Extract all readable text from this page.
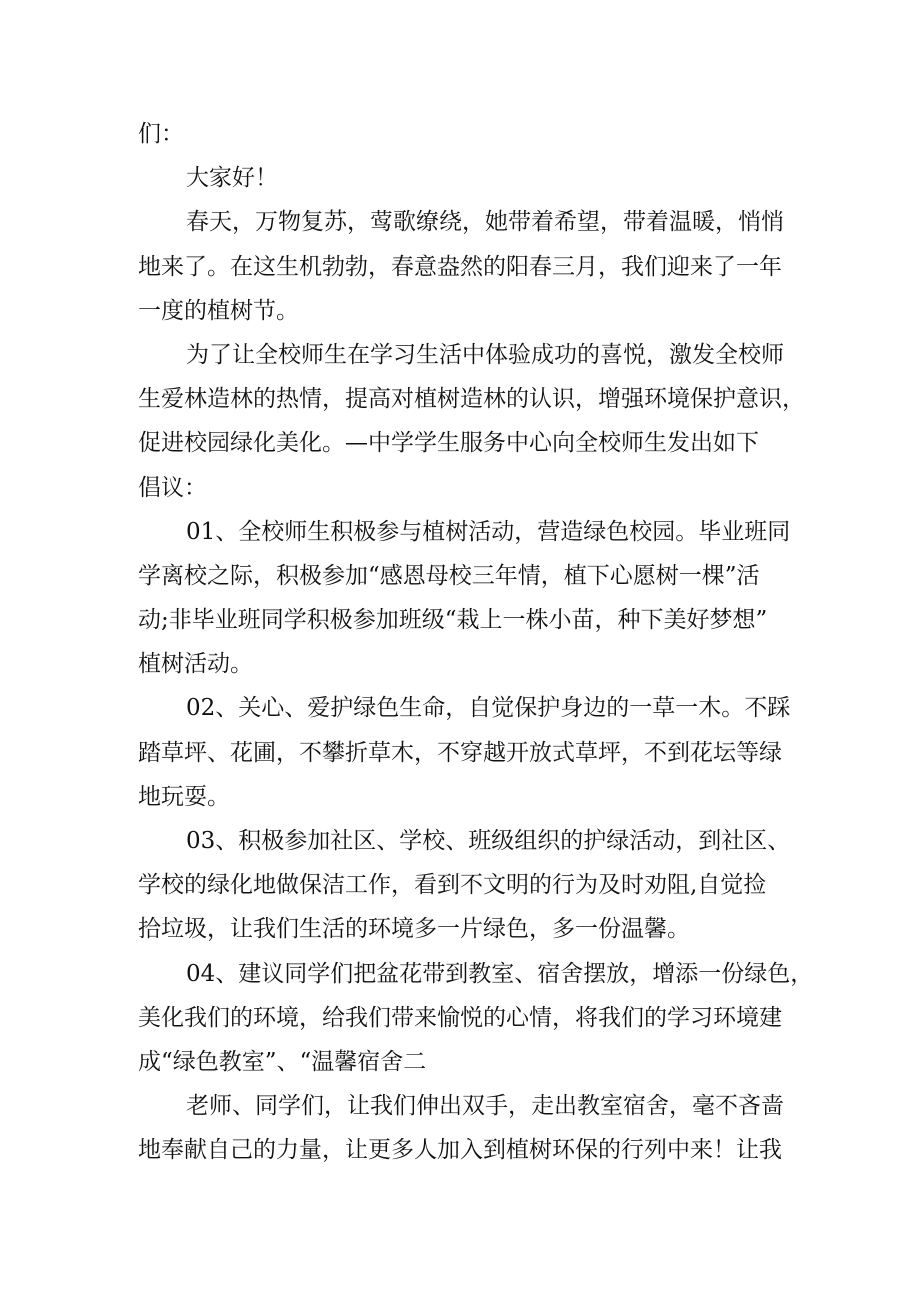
们：
大家好！
春天，万物复苏，莺歌缭绕，她带着希望，带着温暖，悄悄
地来了。在这生机勃勃，春意盎然的阳春三月，我们迎来了一年
一度的植树节。
为了让全校师生在学习生活中体验成功的喜悦，激发全校师
生爱林造林的热情，提高对植树造林的认识，增强环境保护意识，
促进校园绿化美化。—中学学生服务中心向全校师生发出如下
倡议：
01、全校师生积极参与植树活动，营造绿色校园。毕业班同
学离校之际，积极参加“感恩母校三年情，植下心愿树一棵”活
动;非毕业班同学积极参加班级“栽上一株小苗，种下美好梦想”
植树活动。
02、关心、爱护绿色生命，自觉保护身边的一草一木。不踩
踏草坪、花圃，不攀折草木，不穿越开放式草坪，不到花坛等绿
地玩耍。
03、积极参加社区、学校、班级组织的护绿活动，到社区、
学校的绿化地做保洁工作，看到不文明的行为及时劝阻,自觉捡
拾垃圾，让我们生活的环境多一片绿色，多一份温馨。
04、建议同学们把盆花带到教室、宿舍摆放，增添一份绿色，
美化我们的环境，给我们带来愉悦的心情，将我们的学习环境建
成“绿色教室”、“温馨宿舍二
老师、同学们，让我们伸出双手，走出教室宿舍，毫不吝啬
地奉献自己的力量，让更多人加入到植树环保的行列中来！让我
